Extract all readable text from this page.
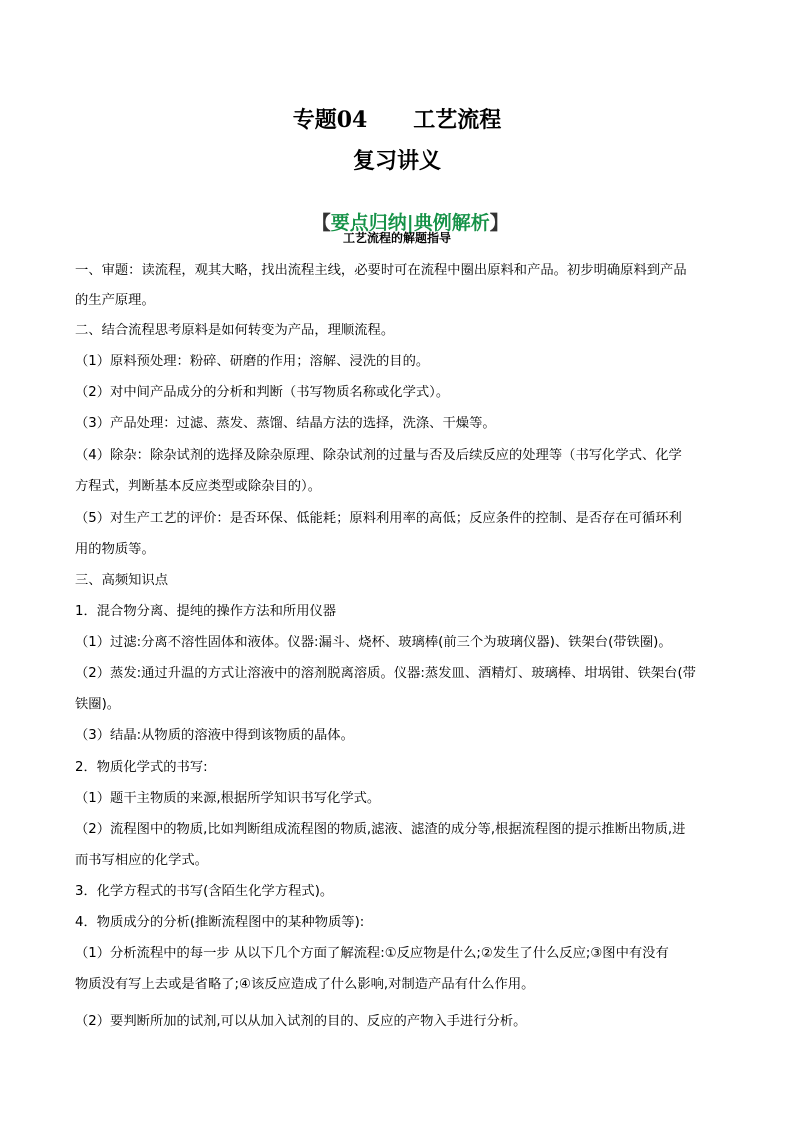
专题04      工艺流程
复习讲义

【要点归纳|典例解析】

工艺流程的解题指导
一、审题：读流程，观其大略，找出流程主线，必要时可在流程中圈出原料和产品。初步明确原料到产品
的生产原理。
二、结合流程思考原料是如何转变为产品，理顺流程。
（1）原料预处理：粉碎、研磨的作用；溶解、浸洗的目的。
（2）对中间产品成分的分析和判断（书写物质名称或化学式）。
（3）产品处理：过滤、蒸发、蒸馏、结晶方法的选择，洗涤、干燥等。
（4）除杂：除杂试剂的选择及除杂原理、除杂试剂的过量与否及后续反应的处理等（书写化学式、化学
方程式，判断基本反应类型或除杂目的）。
（5）对生产工艺的评价：是否环保、低能耗；原料利用率的高低；反应条件的控制、是否存在可循环利
用的物质等。
三、高频知识点
1．混合物分离、提纯的操作方法和所用仪器
（1）过滤:分离不溶性固体和液体。仪器:漏斗、烧杯、玻璃棒(前三个为玻璃仪器)、铁架台(带铁圈)。
（2）蒸发:通过升温的方式让溶液中的溶剂脱离溶质。仪器:蒸发皿、酒精灯、玻璃棒、坩埚钳、铁架台(带
铁圈)。
（3）结晶:从物质的溶液中得到该物质的晶体。
2．物质化学式的书写:
（1）题干主物质的来源,根据所学知识书写化学式。
（2）流程图中的物质,比如判断组成流程图的物质,滤液、滤渣的成分等,根据流程图的提示推断出物质,进
而书写相应的化学式。
3．化学方程式的书写(含陌生化学方程式)。
4．物质成分的分析(推断流程图中的某种物质等):
（1）分析流程中的每一步 从以下几个方面了解流程:①反应物是什么;②发生了什么反应;③图中有没有
物质没有写上去或是省略了;④该反应造成了什么影响,对制造产品有什么作用。
（2）要判断所加的试剂,可以从加入试剂的目的、反应的产物入手进行分析。
